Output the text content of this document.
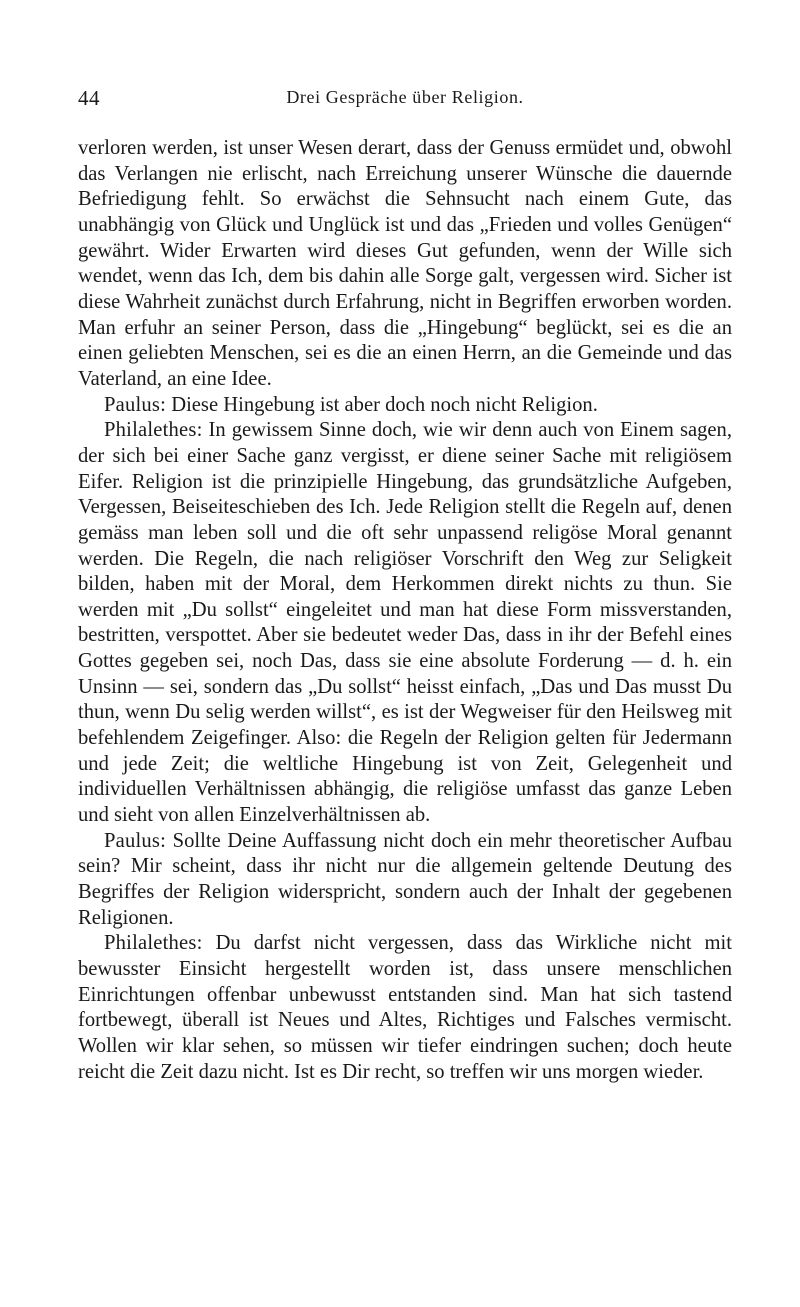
44	Drei Gespräche über Religion.

verloren werden, ist unser Wesen derart, dass der Genuss ermüdet und, obwohl das Verlangen nie erlischt, nach Erreichung unserer Wünsche die dauernde Befriedigung fehlt. So erwächst die Sehnsucht nach einem Gute, das unabhängig von Glück und Unglück ist und das „Frieden und volles Genügen“ gewährt. Wider Erwarten wird dieses Gut gefunden, wenn der Wille sich wendet, wenn das Ich, dem bis dahin alle Sorge galt, vergessen wird. Sicher ist diese Wahrheit zunächst durch Erfahrung, nicht in Begriffen erworben worden. Man erfuhr an seiner Person, dass die „Hingebung“ beglückt, sei es die an einen geliebten Menschen, sei es die an einen Herrn, an die Gemeinde und das Vaterland, an eine Idee.

Paulus: Diese Hingebung ist aber doch noch nicht Religion.

Philalethes: In gewissem Sinne doch, wie wir denn auch von Einem sagen, der sich bei einer Sache ganz vergisst, er diene seiner Sache mit religiösem Eifer. Religion ist die prinzipielle Hingebung, das grundsätzliche Aufgeben, Vergessen, Beiseiteschieben des Ich. Jede Religion stellt die Regeln auf, denen gemäss man leben soll und die oft sehr unpassend religöse Moral genannt werden. Die Regeln, die nach religiöser Vorschrift den Weg zur Seligkeit bilden, haben mit der Moral, dem Herkommen direkt nichts zu thun. Sie werden mit „Du sollst“ eingeleitet und man hat diese Form missverstanden, bestritten, verspottet. Aber sie bedeutet weder Das, dass in ihr der Befehl eines Gottes gegeben sei, noch Das, dass sie eine absolute Forderung — d. h. ein Unsinn — sei, sondern das „Du sollst“ heisst einfach, „Das und Das musst Du thun, wenn Du selig werden willst“, es ist der Wegweiser für den Heilsweg mit befehlendem Zeigefinger. Also: die Regeln der Religion gelten für Jedermann und jede Zeit; die weltliche Hingebung ist von Zeit, Gelegenheit und individuellen Verhältnissen abhängig, die religiöse umfasst das ganze Leben und sieht von allen Einzelverhältnissen ab.

Paulus: Sollte Deine Auffassung nicht doch ein mehr theoretischer Aufbau sein? Mir scheint, dass ihr nicht nur die allgemein geltende Deutung des Begriffes der Religion widerspricht, sondern auch der Inhalt der gegebenen Religionen.

Philalethes: Du darfst nicht vergessen, dass das Wirkliche nicht mit bewusster Einsicht hergestellt worden ist, dass unsere menschlichen Einrichtungen offenbar unbewusst entstanden sind. Man hat sich tastend fortbewegt, überall ist Neues und Altes, Richtiges und Falsches vermischt. Wollen wir klar sehen, so müssen wir tiefer eindringen suchen; doch heute reicht die Zeit dazu nicht. Ist es Dir recht, so treffen wir uns morgen wieder.
